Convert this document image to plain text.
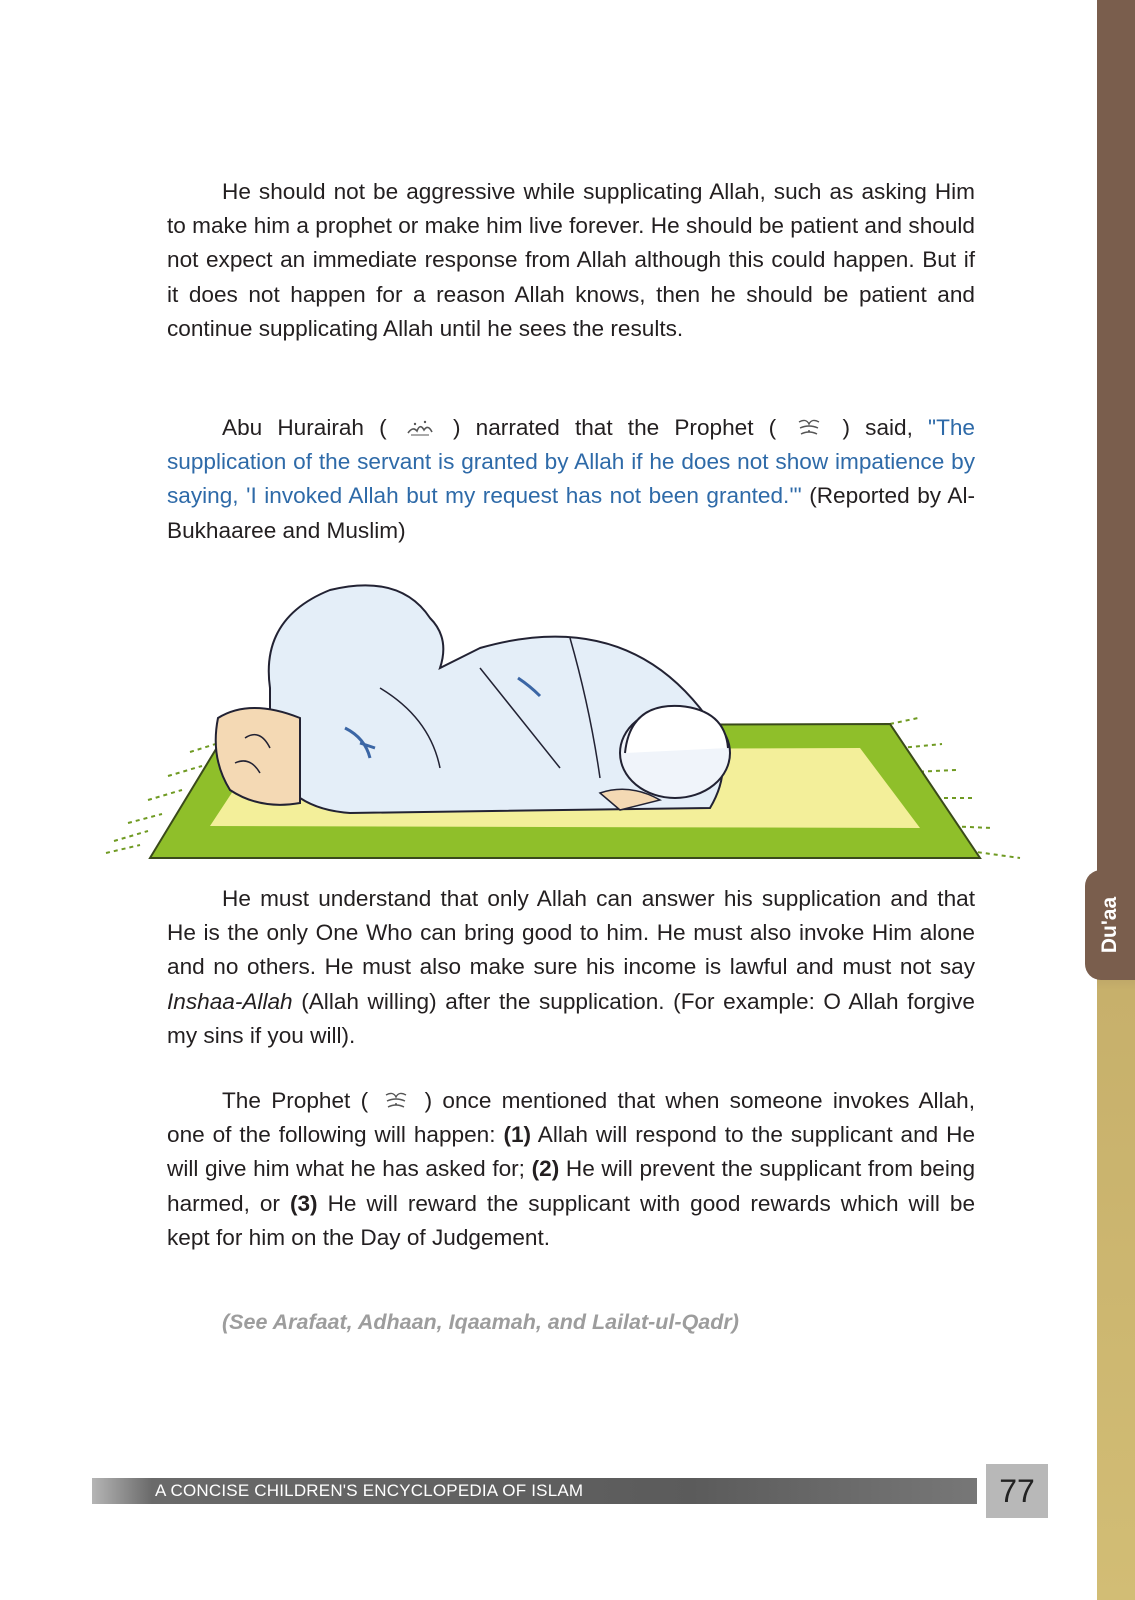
Du'aa

He should not be aggressive while supplicating Allah, such as asking Him to make him a prophet or make him live forever. He should be patient and should not expect an immediate response from Allah although this could happen. But if it does not happen for a reason Allah knows, then he should be patient and continue supplicating Allah until he sees the results.

Abu Hurairah (	) narrated that the Prophet (	) said, "The supplication of the servant is granted by Allah if he does not show impatience by saying, 'I invoked Allah but my request has not been granted.'" (Reported by Al-Bukhaaree and Muslim)

He must understand that only Allah can answer his supplication and that He is the only One Who can bring good to him. He must also invoke Him alone and no others. He must also make sure his income is lawful and must not say Inshaa-Allah (Allah willing) after the supplication. (For example: O Allah forgive my sins if you will).

The Prophet (	) once mentioned that when someone invokes Allah, one of the following will happen: (1) Allah will respond to the supplicant and He will give him what he has asked for; (2) He will prevent the supplicant from being harmed, or (3) He will reward the supplicant with good rewards which will be kept for him on the Day of Judgement.

(See Arafaat, Adhaan, Iqaamah, and Lailat-ul-Qadr)
A CONCISE CHILDREN'S ENCYCLOPEDIA OF ISLAM	77
